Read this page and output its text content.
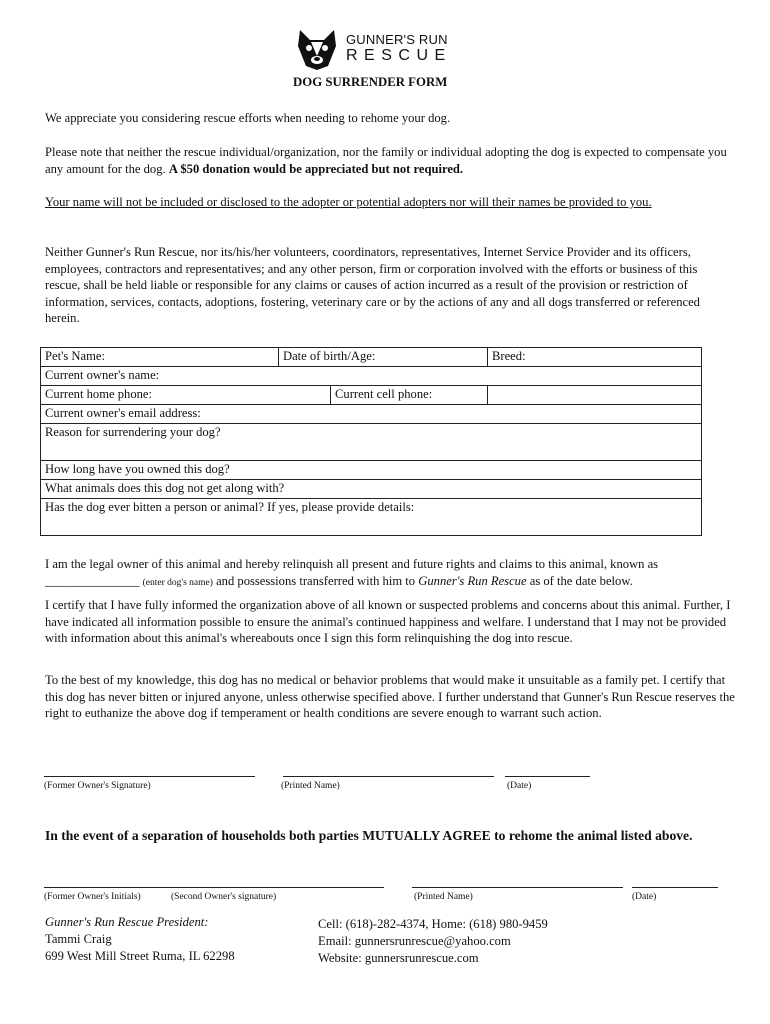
GUNNER'S RUN
RESCUE
DOG SURRENDER FORM

We appreciate you considering rescue efforts when needing to rehome your dog.

Please note that neither the rescue individual/organization, nor the family or individual adopting the dog is expected to compensate you any amount for the dog. A $50 donation would be appreciated but not required.

Your name will not be included or disclosed to the adopter or potential adopters nor will their names be provided to you.

Neither Gunner's Run Rescue, nor its/his/her volunteers, coordinators, representatives, Internet Service Provider and its officers, employees, contractors and representatives; and any other person, firm or corporation involved with the efforts or business of this rescue, shall be held liable or responsible for any claims or causes of action incurred as a result of the provision or restriction of information, services, contacts, adoptions, fostering, veterinary care or by the actions of any and all dogs transferred or referenced herein.

Pet's Name:	Date of birth/Age:	Breed:
Current owner's name:

Current home phone:	Current cell phone:

Current owner's email address:
Reason for surrendering your dog?
How long have you owned this dog?
What animals does this dog not get along with?
Has the dog ever bitten a person or animal? If yes, please provide details:

I am the legal owner of this animal and hereby relinquish all present and future rights and claims to this animal, known as _______________ (enter dog's name) and possessions transferred with him to Gunner's Run Rescue as of the date below.

I certify that I have fully informed the organization above of all known or suspected problems and concerns about this animal. Further, I have indicated all information possible to ensure the animal's continued happiness and welfare. I understand that I may not be provided with information about this animal's whereabouts once I sign this form relinquishing the dog into rescue.

To the best of my knowledge, this dog has no medical or behavior problems that would make it unsuitable as a family pet. I certify that this dog has never bitten or injured anyone, unless otherwise specified above. I further understand that Gunner's Run Rescue reserves the right to euthanize the above dog if temperament or health conditions are severe enough to warrant such action.

(Former Owner's Signature)	(Printed Name)	(Date)

In the event of a separation of households both parties MUTUALLY AGREE to rehome the animal listed above.

(Former Owner's Initials)	(Second Owner's signature)	(Printed Name)	(Date)
Gunner's Run Rescue President:
Tammi Craig
699 West Mill Street Ruma, IL 62298
Cell: (618)-282-4374, Home: (618) 980-9459
Email: gunnersrunrescue@yahoo.com
Website: gunnersrunrescue.com
